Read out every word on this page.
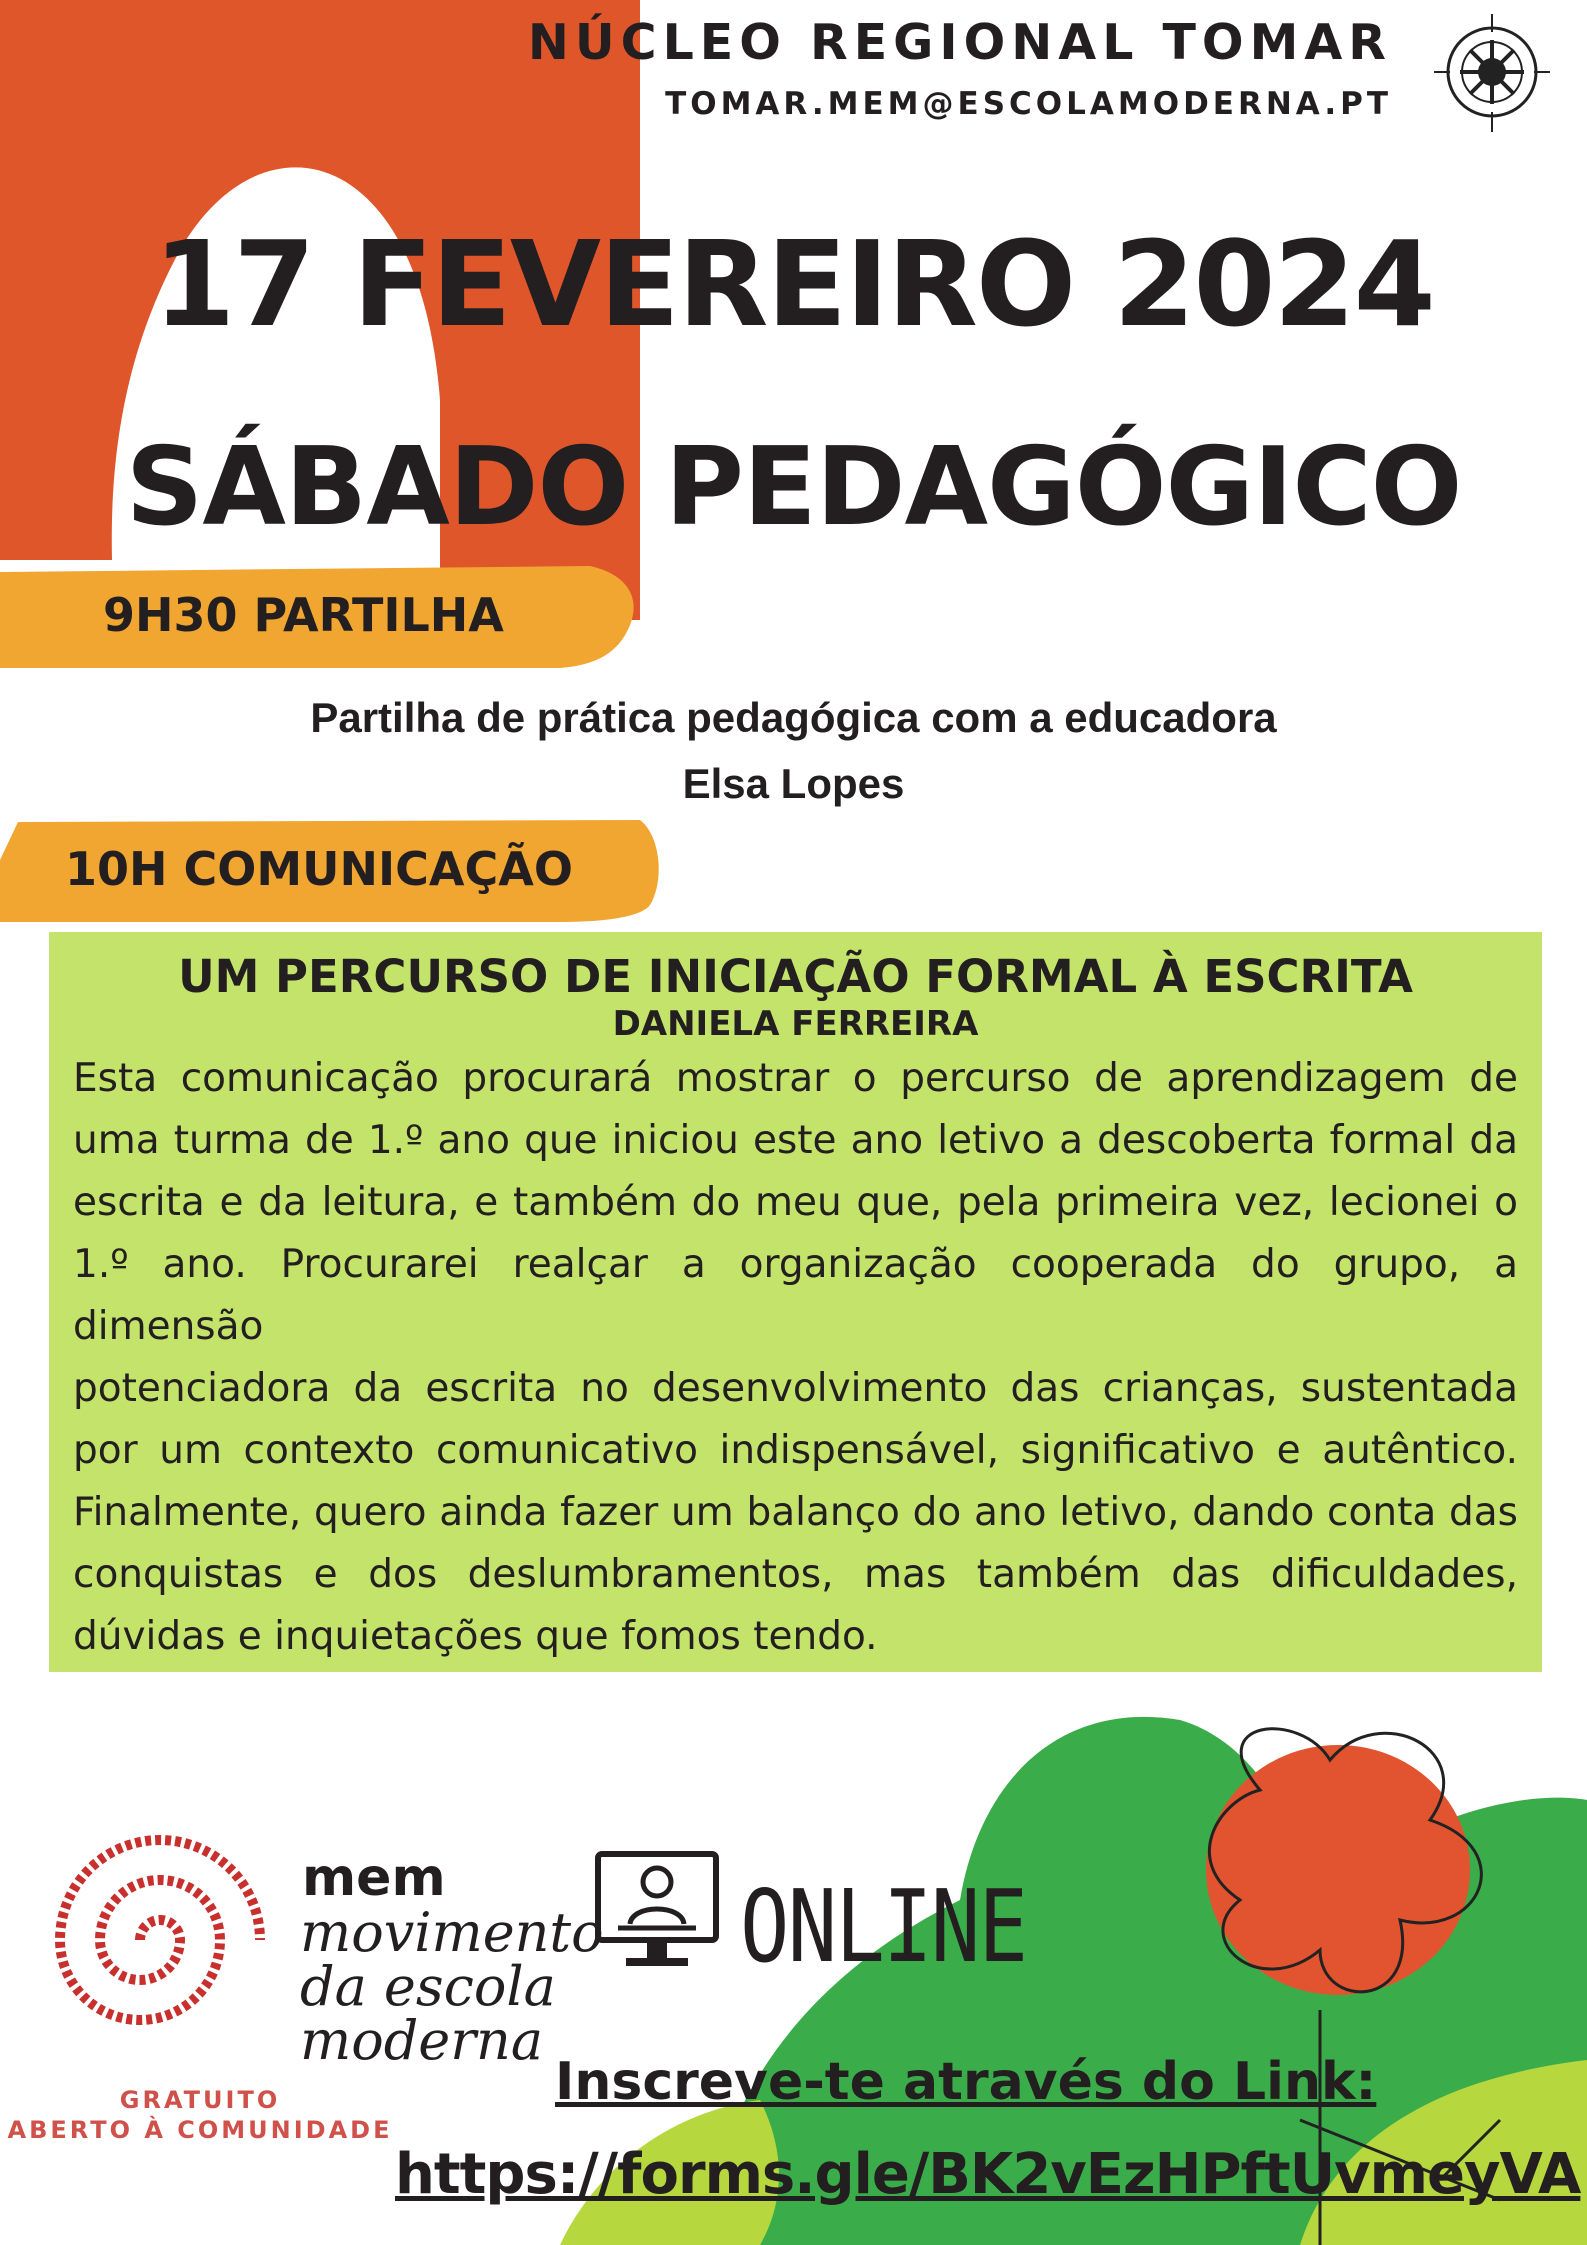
NÚCLEO REGIONAL TOMAR
TOMAR.MEM@ESCOLAMODERNA.PT
17 FEVEREIRO 2024
SÁBADO PEDAGÓGICO
9H30 PARTILHA
Partilha de prática pedagógica com a educadora
Elsa Lopes
10H COMUNICAÇÃO
UM PERCURSO DE INICIAÇÃO FORMAL À ESCRITA
DANIELA FERREIRA

Esta comunicação procurará mostrar o percurso de aprendizagem de uma turma de 1.º ano que iniciou este ano letivo a descoberta formal da escrita e da leitura, e também do meu que, pela primeira vez, lecionei o 1.º ano. Procurarei realçar a organização cooperada do grupo, a dimensão

potenciadora da escrita no desenvolvimento das crianças, sustentada por um contexto comunicativo indispensável, significativo e autêntico. Finalmente, quero ainda fazer um balanço do ano letivo, dando conta das conquistas e dos deslumbramentos, mas também das dificuldades, dúvidas e inquietações que fomos tendo.

mem
movimento
da escola
moderna
GRATUITO
ABERTO À COMUNIDADE
ONLINE
Inscreve-te através do Link:
https://forms.gle/BK2vEzHPftUvmeyVA
